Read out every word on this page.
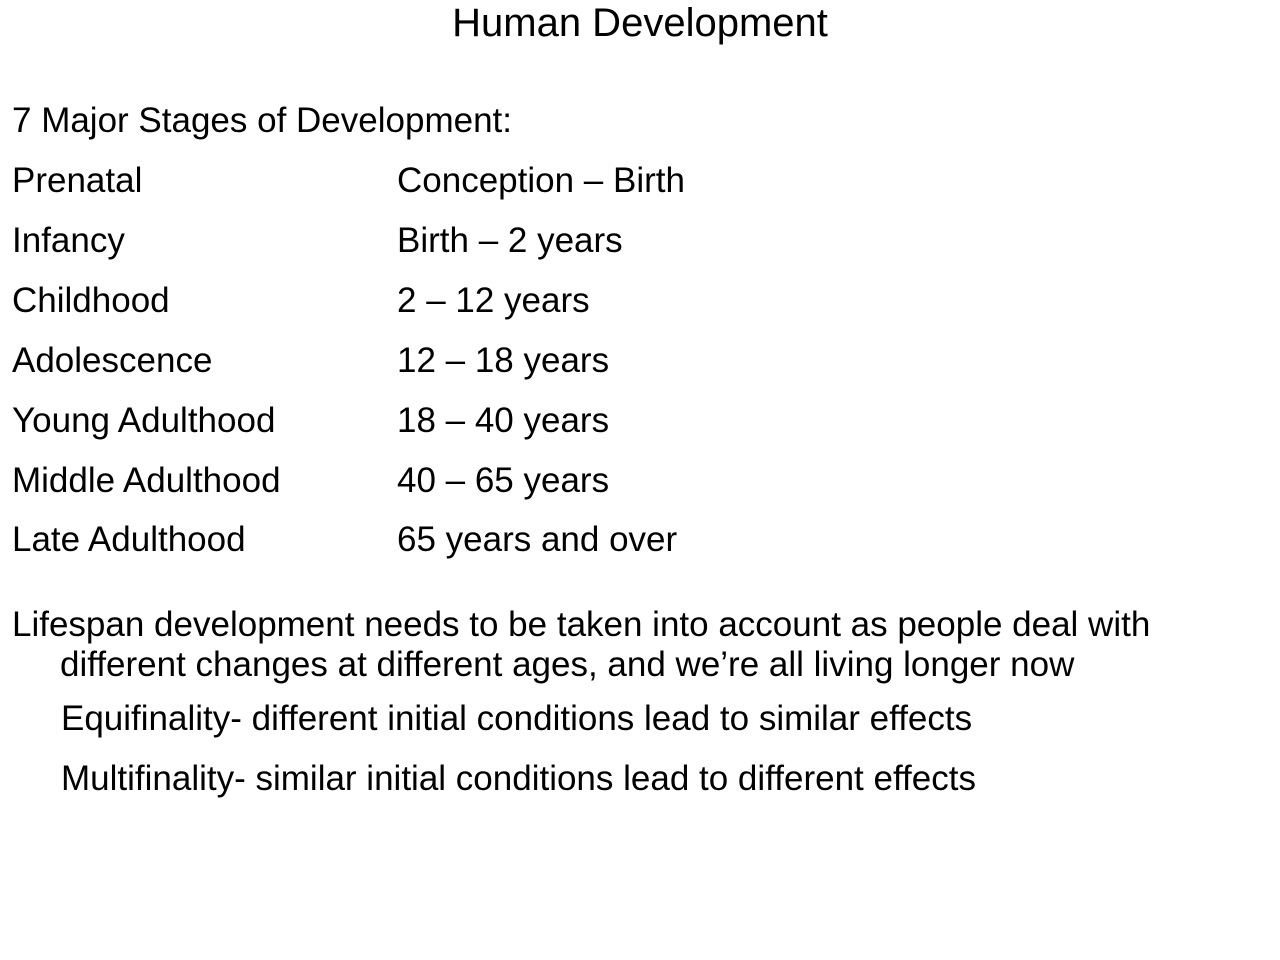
Human Development
7 Major Stages of Development:
Prenatal	Conception – Birth
Infancy	Birth – 2 years
Childhood	2 – 12 years
Adolescence	12 – 18 years
Young Adulthood	18 – 40 years
Middle Adulthood	40 – 65 years
Late Adulthood	65 years and over
Lifespan development needs to be taken into account as people deal with different changes at different ages, and we’re all living longer now
Equifinality- different initial conditions lead to similar effects
Multifinality- similar initial conditions lead to different effects
